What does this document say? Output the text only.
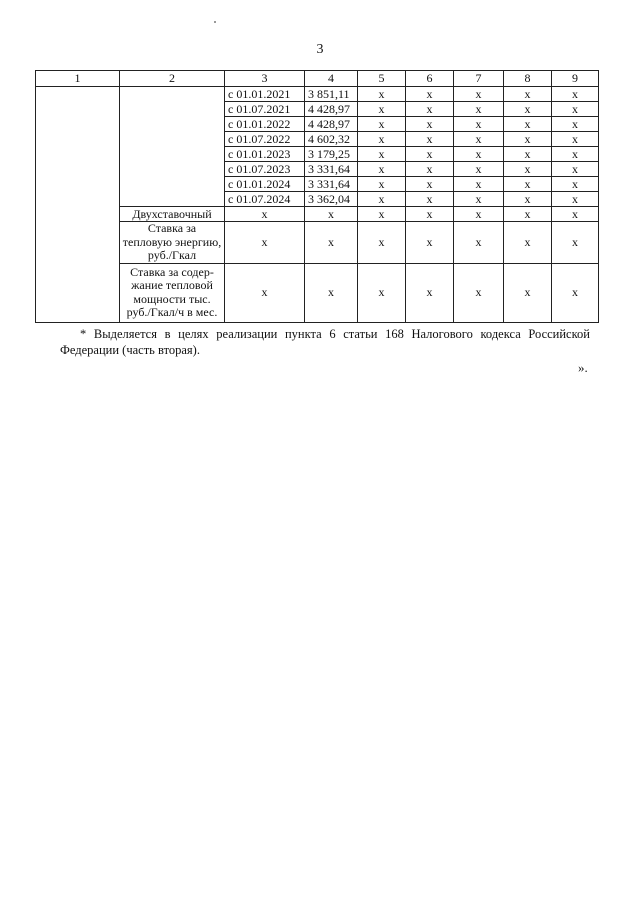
3
1	2	3	4	5	6	7	8	9
		с 01.01.2021	3 851,11	х	х	х	х	х
		с 01.07.2021	4 428,97	х	х	х	х	х
		с 01.01.2022	4 428,97	х	х	х	х	х
		с 01.07.2022	4 602,32	х	х	х	х	х
		с 01.01.2023	3 179,25	х	х	х	х	х
		с 01.07.2023	3 331,64	х	х	х	х	х
		с 01.01.2024	3 331,64	х	х	х	х	х
		с 01.07.2024	3 362,04	х	х	х	х	х
	Двухставочный	х	х	х	х	х	х	х
	Ставка за тепловую энергию, руб./Гкал	х	х	х	х	х	х	х
	Ставка за содер-жание тепловой мощности тыс. руб./Гкал/ч в мес.	х	х	х	х	х	х	х

* Выделяется в целях реализации пункта 6 статьи 168 Налогового кодекса Российской Федерации (часть вторая).

».
